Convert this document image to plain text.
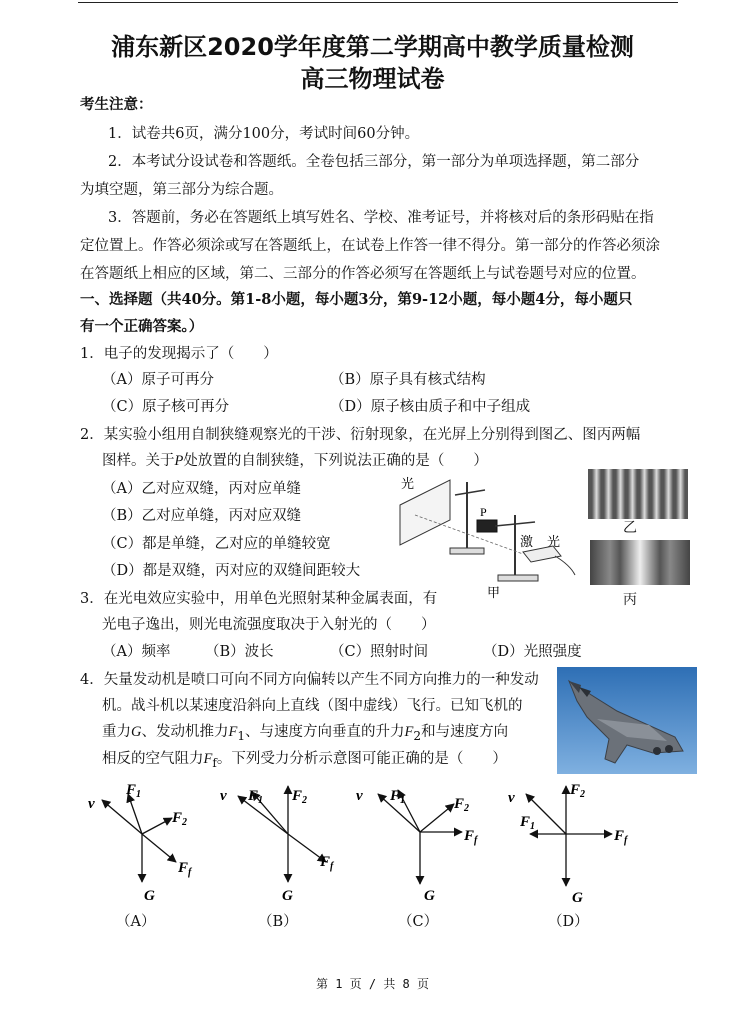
浦东新区2020学年度第二学期高中教学质量检测
高三物理试卷
考生注意：
1．试卷共6页，满分100分，考试时间60分钟。
2．本考试分设试卷和答题纸。全卷包括三部分，第一部分为单项选择题，第二部分
为填空题，第三部分为综合题。
3．答题前，务必在答题纸上填写姓名、学校、准考证号，并将核对后的条形码贴在指
定位置上。作答必须涂或写在答题纸上，在试卷上作答一律不得分。第一部分的作答必须涂
在答题纸上相应的区域，第二、三部分的作答必须写在答题纸上与试卷题号对应的位置。
一、选择题（共40分。第1-8小题，每小题3分，第9-12小题，每小题4分，每小题只
有一个正确答案。）
1．电子的发现揭示了（　　）
（A）原子可再分	（B）原子具有核式结构
（C）原子核可再分	（D）原子核由质子和中子组成
2．某实验小组用自制狭缝观察光的干涉、衍射现象，在光屏上分别得到图乙、图丙两幅
图样。关于P处放置的自制狭缝，下列说法正确的是（　　）
（A）乙对应双缝，丙对应单缝
（B）乙对应单缝，丙对应双缝
（C）都是单缝，乙对应的单缝较宽
（D）都是双缝，丙对应的双缝间距较大
光
P
激 光
甲
乙
丙
3．在光电效应实验中，用单色光照射某种金属表面，有
光电子逸出，则光电流强度取决于入射光的（　　）
（A）频率 （B）波长	（C）照射时间	（D）光照强度
4．矢量发动机是喷口可向不同方向偏转以产生不同方向推力的一种发动
机。战斗机以某速度沿斜向上直线（图中虚线）飞行。已知飞机的
重力G、发动机推力$F_1$、与速度方向垂直的升力$F_2$和与速度方向
相反的空气阻力$F_f$。下列受力分析示意图可能正确的是（　　）
v
$F_1$
$F_2$
$F_f$
G
v $F_1$ $F_2$
$F_f$
G
v $F_1$	$F_2$
$F_f$
G
v	$F_2$
$F_1$
$F_f$
G
（A）	（B）	（C）	（D）
第 1 页 / 共 8 页
